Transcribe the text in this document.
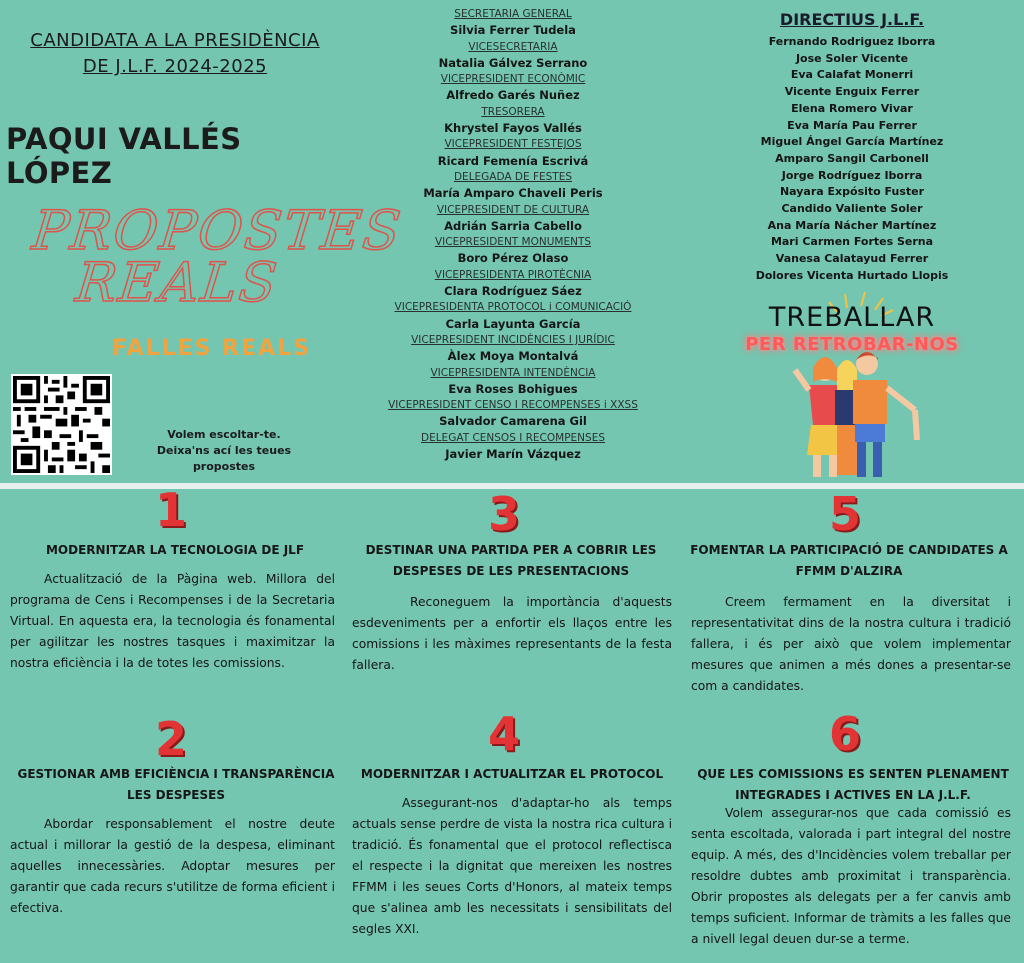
CANDIDATA A LA PRESIDÈNCIA
DE J.L.F. 2024-2025
PAQUI VALLÉS LÓPEZ
PROPOSTES
REALS
FALLES REALS
Volem escoltar-te.
Deixa'ns ací les teues propostes
SECRETARIA GENERAL
Silvia Ferrer Tudela
VICESECRETARIA
Natalia Gálvez Serrano
VICEPRESIDENT ECONÒMIC
Alfredo Garés Nuñez
TRESORERA
Khrystel Fayos Vallés
VICEPRESIDENT FESTEJOS
Ricard Femenía Escrivá
DELEGADA DE FESTES
María Amparo Chaveli Peris
VICEPRESIDENT DE CULTURA
Adrián Sarria Cabello
VICEPRESIDENT MONUMENTS
Boro Pérez Olaso
VICEPRESIDENTA PIROTÈCNIA
Clara Rodríguez Sáez
VICEPRESIDENTA PROTOCOL i COMUNICACIÓ
Carla Layunta García
VICEPRESIDENT INCIDÈNCIES I JURÍDIC
Àlex Moya Montalvá
VICEPRESIDENTA INTENDÈNCIA
Eva Roses Bohigues
VICEPRESIDENT CENSO I RECOMPENSES i XXSS
Salvador Camarena Gil
DELEGAT CENSOS I RECOMPENSES
Javier Marín Vázquez
DIRECTIUS J.L.F.
Fernando Rodriguez Iborra
Jose Soler Vicente
Eva Calafat Monerri
Vicente Enguix Ferrer
Elena Romero Vivar
Eva María Pau Ferrer
Miguel Ángel García Martínez
Amparo Sangil Carbonell
Jorge Rodríguez Iborra
Nayara Expósito Fuster
Candido Valiente Soler
Ana María Nácher Martínez
Mari Carmen Fortes Serna
Vanesa Calatayud Ferrer
Dolores Vicenta Hurtado Llopis
TREBALLAR
PER RETROBAR-NOS
1
MODERNITZAR LA TECNOLOGIA DE JLF
Actualització de la Pàgina web. Millora del programa de Cens i Recompenses i de la Secretaria Virtual. En aquesta era, la tecnologia és fonamental per agilitzar les nostres tasques i maximitzar la nostra eficiència i la de totes les comissions.
2
GESTIONAR AMB EFICIÈNCIA I TRANSPARÈNCIA LES DESPESES
Abordar responsablement el nostre deute actual i millorar la gestió de la despesa, eliminant aquelles innecessàries. Adoptar mesures per garantir que cada recurs s'utilitze de forma eficient i efectiva.
3
DESTINAR UNA PARTIDA PER A COBRIR LES DESPESES DE LES PRESENTACIONS
Reconeguem la importància d'aquests esdeveniments per a enfortir els llaços entre les comissions i les màximes representants de la festa fallera.
4
MODERNITZAR I ACTUALITZAR EL PROTOCOL
Assegurant-nos d'adaptar-ho als temps actuals sense perdre de vista la nostra rica cultura i tradició. És fonamental que el protocol reflectisca el respecte i la dignitat que mereixen les nostres FFMM i les seues Corts d'Honors, al mateix temps que s'alinea amb les necessitats i sensibilitats del segles XXI.
5
FOMENTAR LA PARTICIPACIÓ DE CANDIDATES A FFMM D'ALZIRA
Creem fermament en la diversitat i representativitat dins de la nostra cultura i tradició fallera, i és per això que volem implementar mesures que animen a més dones a presentar-se com a candidates.
6
QUE LES COMISSIONS ES SENTEN PLENAMENT INTEGRADES I ACTIVES EN LA J.L.F.
Volem assegurar-nos que cada comissió es senta escoltada, valorada i part integral del nostre equip. A més, des d'Incidències volem treballar per resoldre dubtes amb proximitat i transparència. Obrir propostes als delegats per a fer canvis amb temps suficient. Informar de tràmits a les falles que a nivell legal deuen dur-se a terme.
